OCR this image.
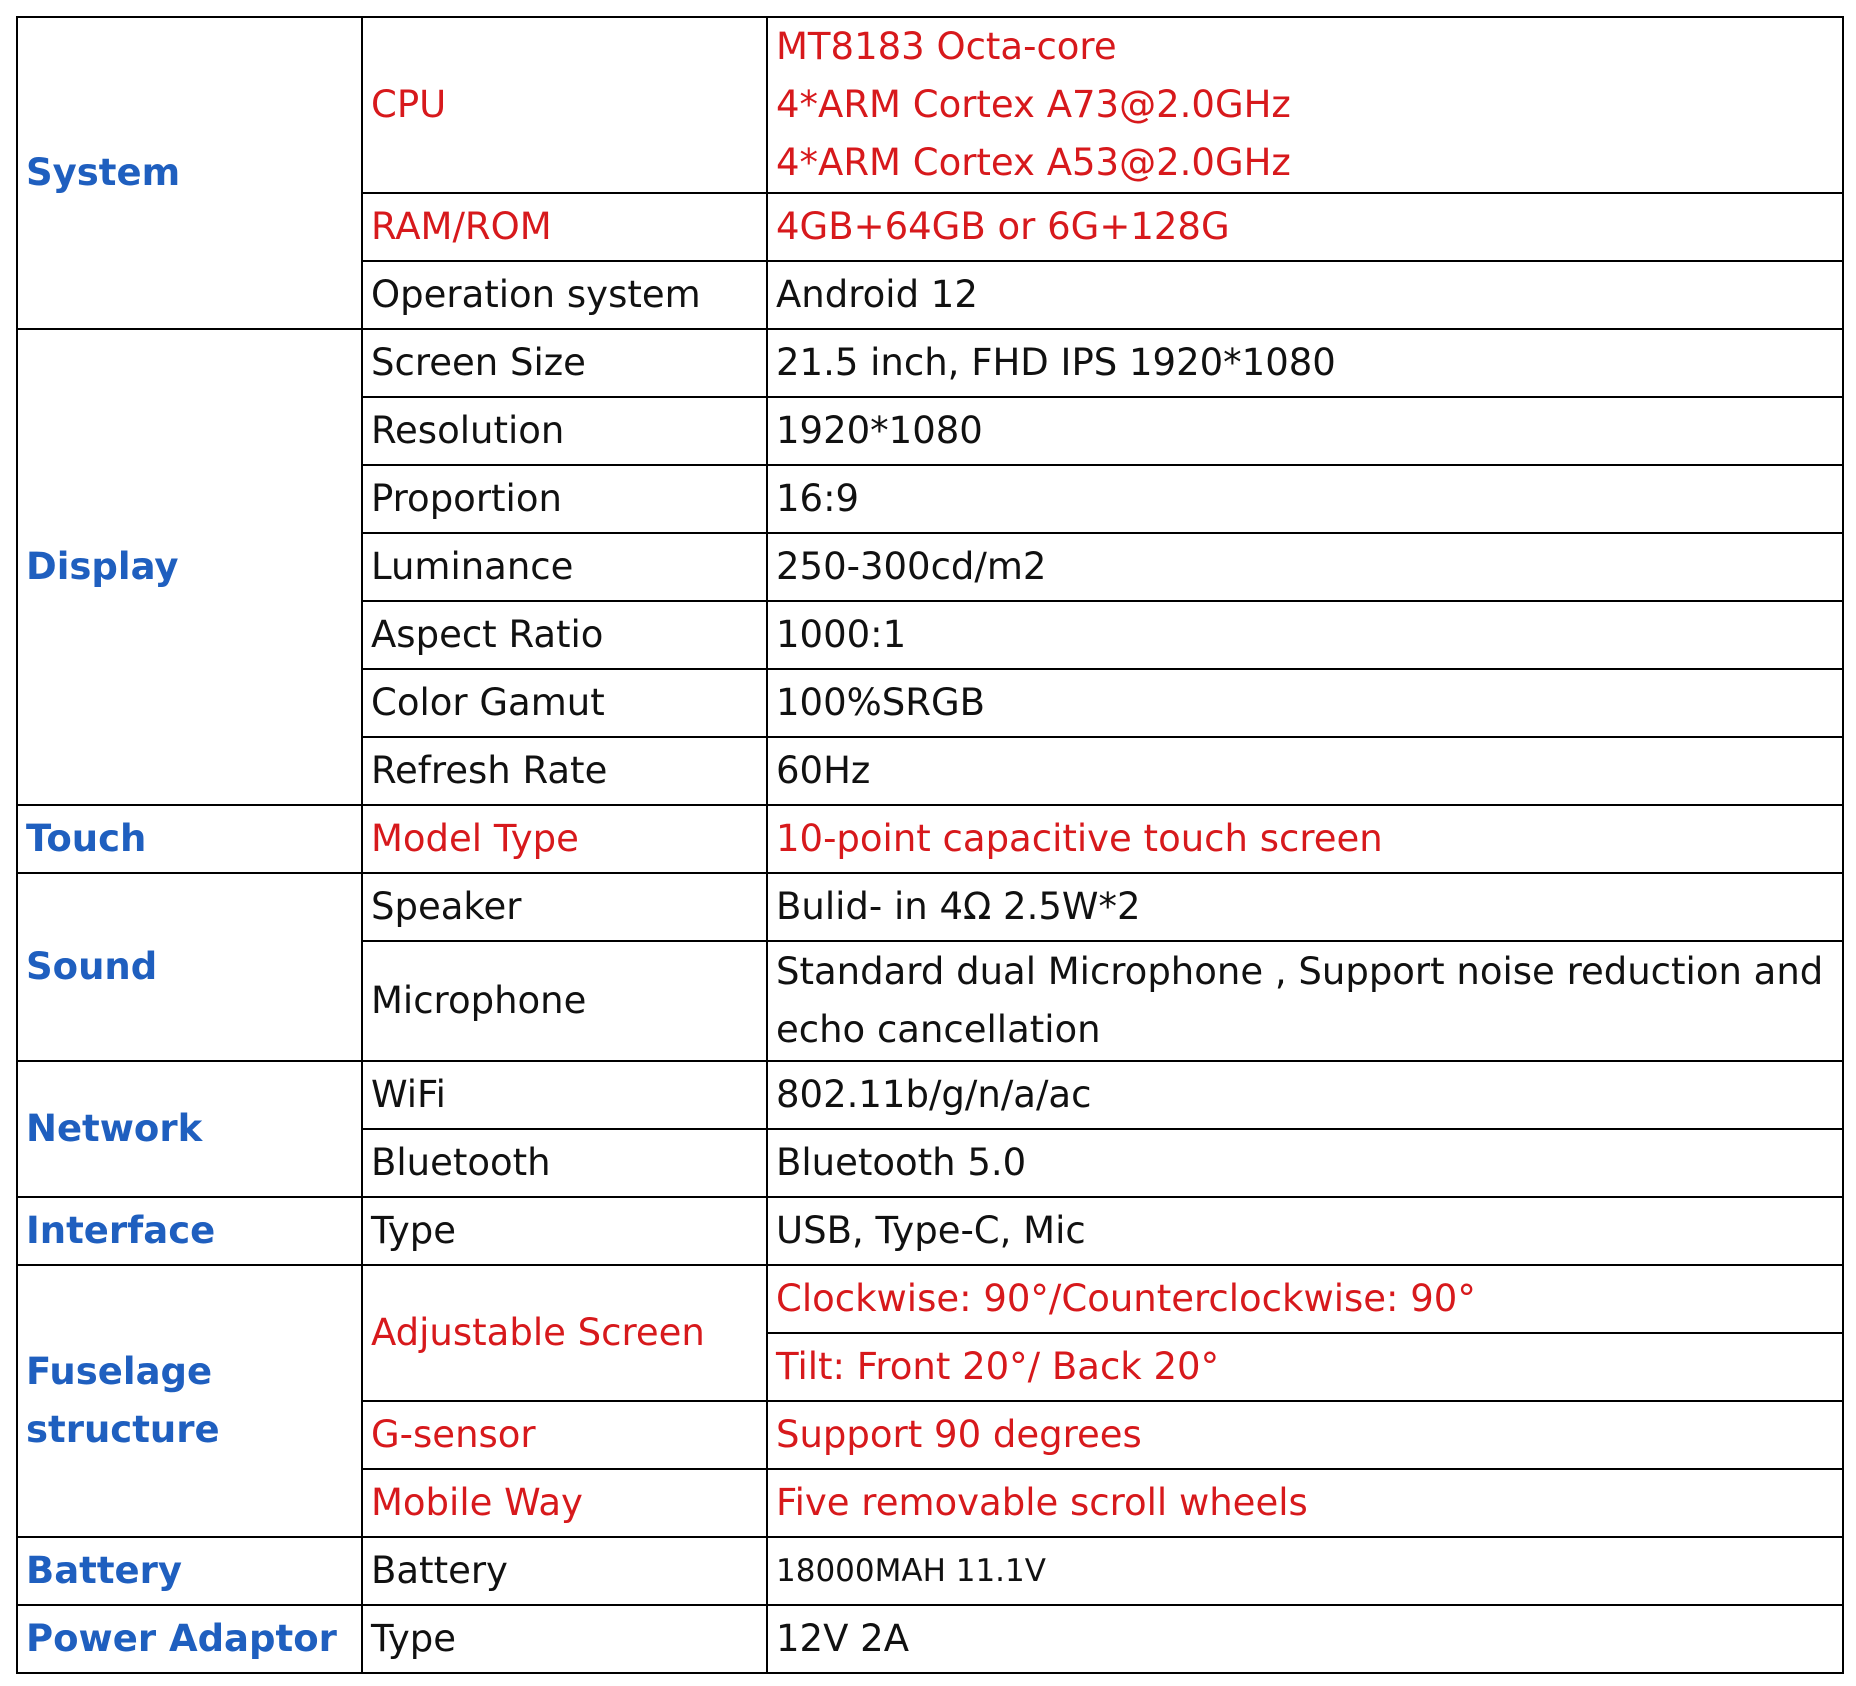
System	CPU	MT8183 Octa-core
4*ARM Cortex A73@2.0GHz
4*ARM Cortex A53@2.0GHz

	RAM/ROM	4GB+64GB or 6G+128G
	Operation system	Android 12
Display	Screen Size	21.5 inch, FHD IPS 1920*1080
	Resolution	1920*1080
	Proportion	16:9
	Luminance	250-300cd/m2
	Aspect Ratio	1000:1
	Color Gamut	100%SRGB
	Refresh Rate	60Hz
Touch	Model Type	10-point capacitive touch screen
Sound	Speaker	Bulid- in 4Ω 2.5W*2
	Microphone	Standard dual Microphone , Support noise reduction and echo cancellation
Network	WiFi	802.11b/g/n/a/ac
	Bluetooth	Bluetooth 5.0
Interface	Type	USB, Type-C, Mic

Fuselage
structure	Adjustable Screen	Clockwise: 90°/Counterclockwise: 90°
		Tilt: Front 20°/ Back 20°
	G-sensor	Support 90 degrees
	Mobile Way	Five removable scroll wheels
Battery	Battery	18000MAH 11.1V
Power Adaptor	Type	12V 2A
